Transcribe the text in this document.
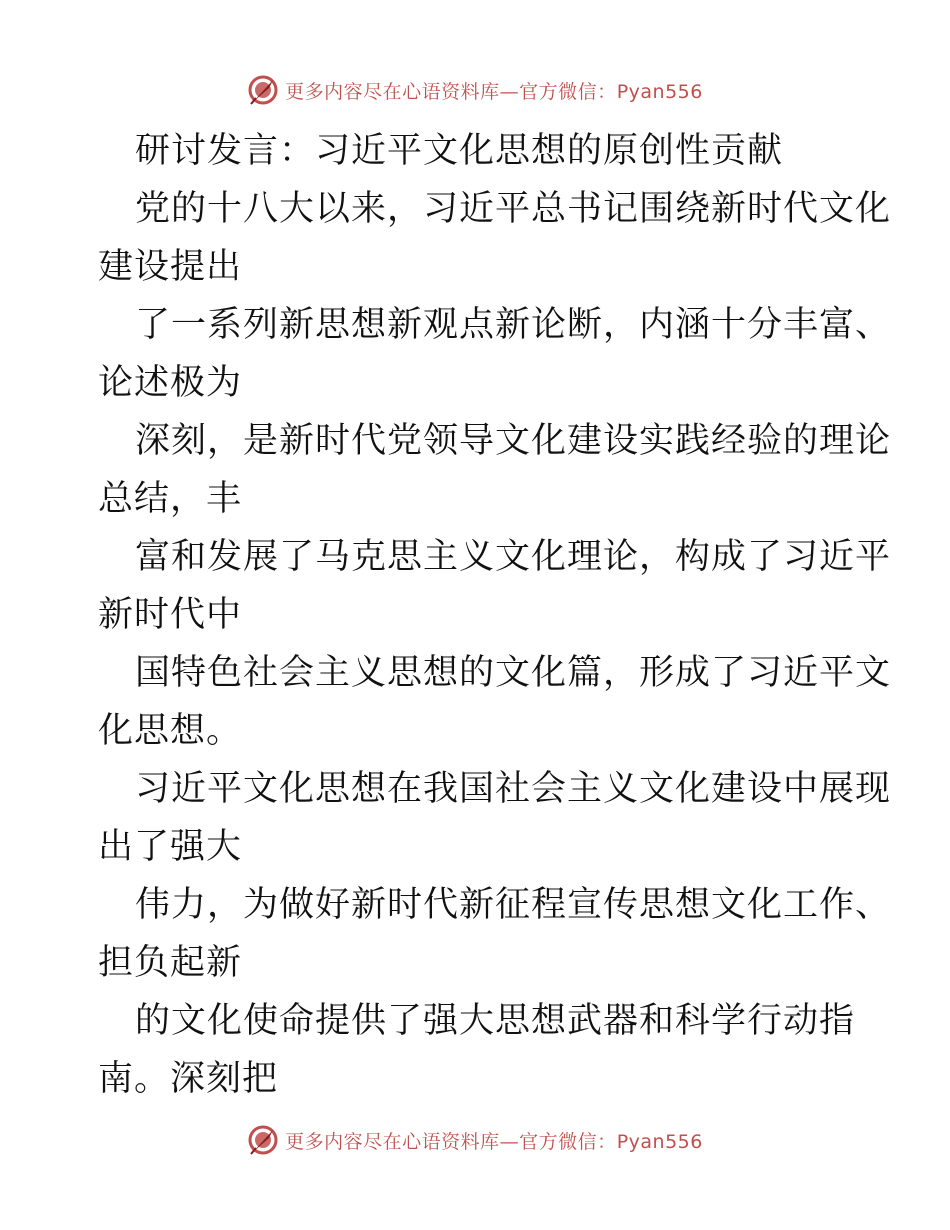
更多内容尽在心语资料库—官方微信：Pyan556
研讨发言：习近平文化思想的原创性贡献
党的十八大以来，习近平总书记围绕新时代文化
建设提出
了一系列新思想新观点新论断，内涵十分丰富、
论述极为
深刻，是新时代党领导文化建设实践经验的理论
总结，丰
富和发展了马克思主义文化理论，构成了习近平
新时代中
国特色社会主义思想的文化篇，形成了习近平文
化思想。
习近平文化思想在我国社会主义文化建设中展现
出了强大
伟力，为做好新时代新征程宣传思想文化工作、
担负起新
的文化使命提供了强大思想武器和科学行动指
南。深刻把
更多内容尽在心语资料库—官方微信：Pyan556
